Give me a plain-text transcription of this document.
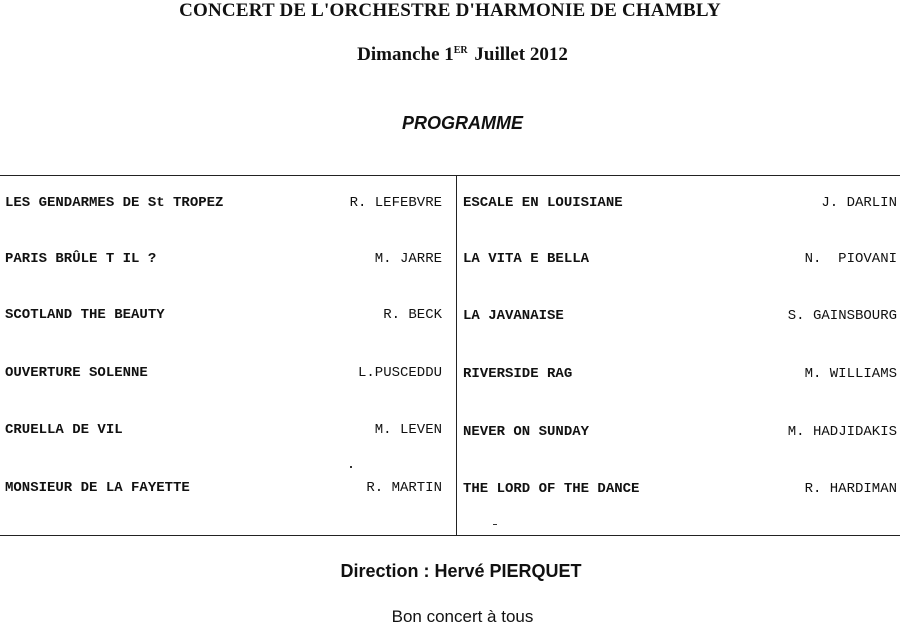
​
CONCERT DE L'ORCHESTRE D'HARMONIE DE CHAMBLY
Dimanche 1ER Juillet 2012
PROGRAMME
LES GENDARMES DE St TROPEZ	R. LEFEBVRE
PARIS BRÛLE T IL ?	M. JARRE
SCOTLAND THE BEAUTY	R. BECK
OUVERTURE SOLENNE	L.PUSCEDDU
CRUELLA DE VIL	M. LEVEN
MONSIEUR DE LA FAYETTE	R. MARTIN
ESCALE EN LOUISIANE	J. DARLIN
LA VITA E BELLA	N.  PIOVANI
LA JAVANAISE	S. GAINSBOURG
RIVERSIDE RAG	M. WILLIAMS
NEVER ON SUNDAY	M. HADJIDAKIS
THE LORD OF THE DANCE	R. HARDIMAN
Direction : Hervé PIERQUET
Bon concert à tous
